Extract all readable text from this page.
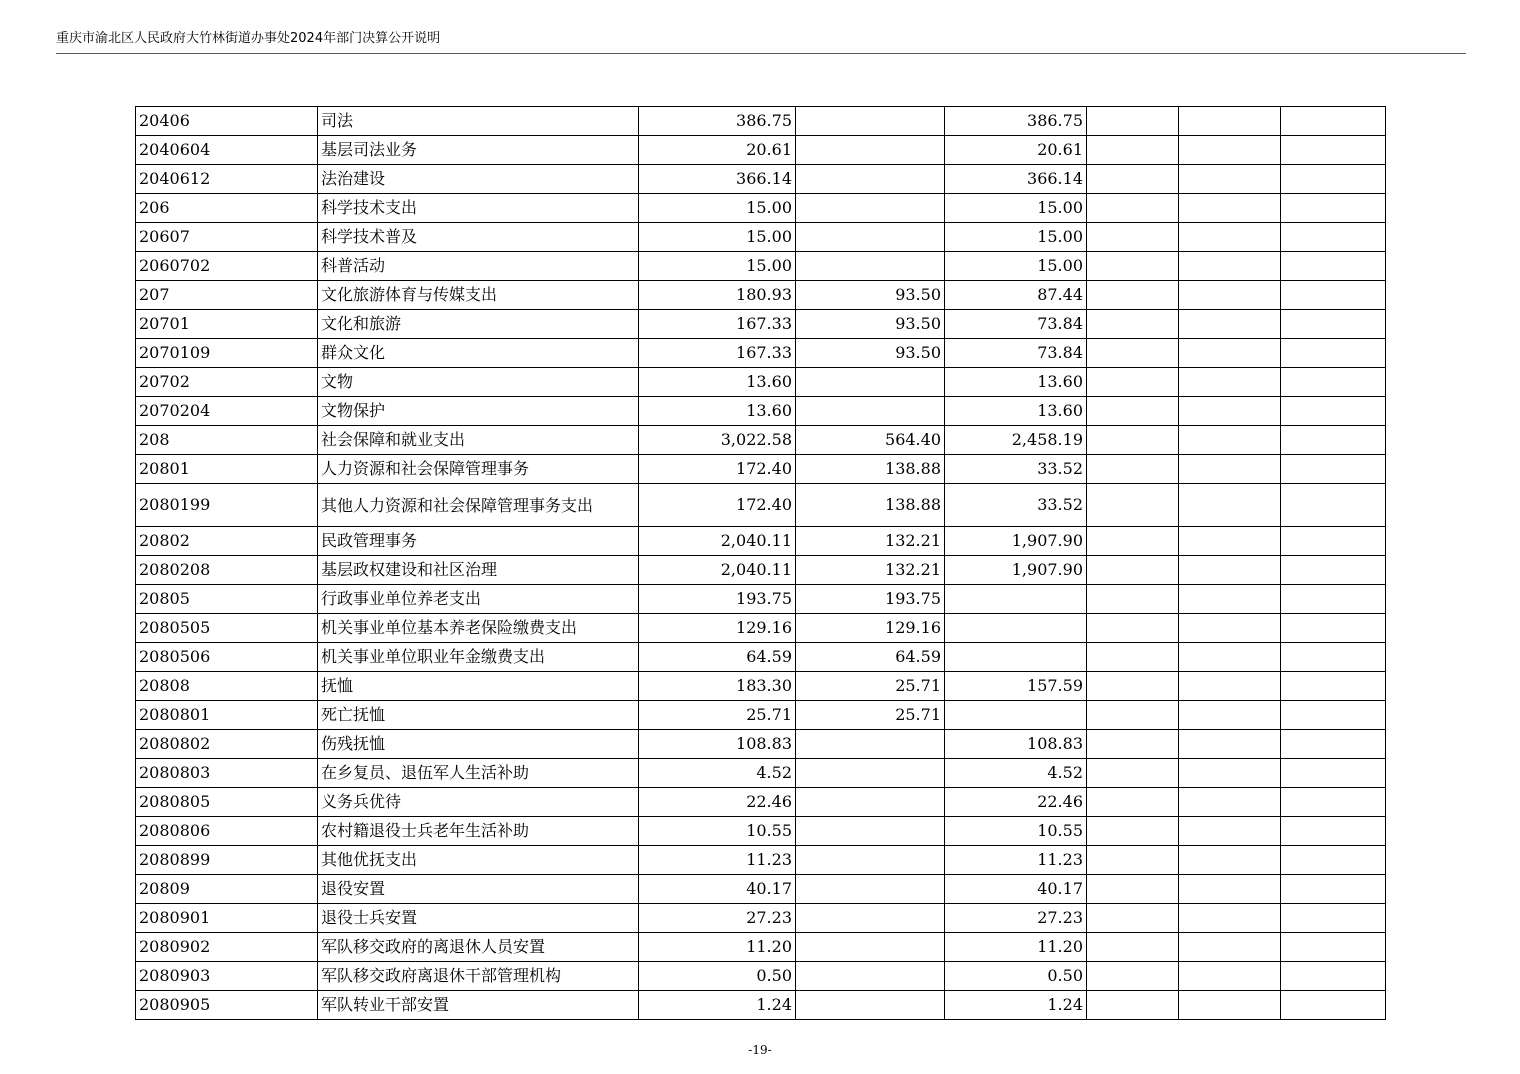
重庆市渝北区人民政府大竹林街道办事处2024年部门决算公开说明
20406	司法	386.75		386.75			
2040604	基层司法业务	20.61		20.61			
2040612	法治建设	366.14		366.14			
206	科学技术支出	15.00		15.00			
20607	科学技术普及	15.00		15.00			
2060702	科普活动	15.00		15.00			
207	文化旅游体育与传媒支出	180.93	93.50	87.44			
20701	文化和旅游	167.33	93.50	73.84			
2070109	群众文化	167.33	93.50	73.84			
20702	文物	13.60		13.60			
2070204	文物保护	13.60		13.60			
208	社会保障和就业支出	3,022.58	564.40	2,458.19			
20801	人力资源和社会保障管理事务	172.40	138.88	33.52			
2080199	其他人力资源和社会保障管理事务支出	172.40	138.88	33.52			
20802	民政管理事务	2,040.11	132.21	1,907.90			
2080208	基层政权建设和社区治理	2,040.11	132.21	1,907.90			
20805	行政事业单位养老支出	193.75	193.75				
2080505	机关事业单位基本养老保险缴费支出	129.16	129.16				
2080506	机关事业单位职业年金缴费支出	64.59	64.59				
20808	抚恤	183.30	25.71	157.59			
2080801	死亡抚恤	25.71	25.71				
2080802	伤残抚恤	108.83		108.83			
2080803	在乡复员、退伍军人生活补助	4.52		4.52			
2080805	义务兵优待	22.46		22.46			
2080806	农村籍退役士兵老年生活补助	10.55		10.55			
2080899	其他优抚支出	11.23		11.23			
20809	退役安置	40.17		40.17			
2080901	退役士兵安置	27.23		27.23			
2080902	军队移交政府的离退休人员安置	11.20		11.20			
2080903	军队移交政府离退休干部管理机构	0.50		0.50			
2080905	军队转业干部安置	1.24		1.24			
-19-
